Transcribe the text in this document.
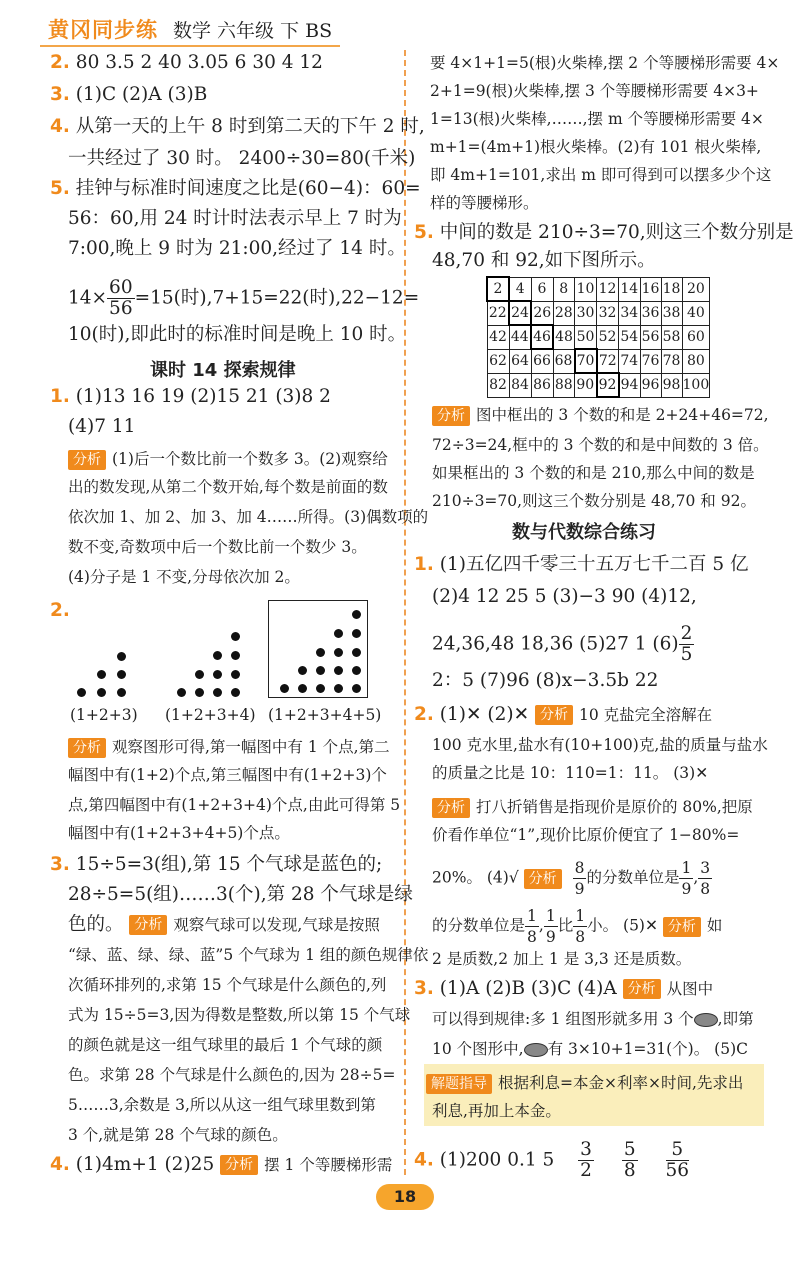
黄冈同步练 数学 六年级 下 BS
2. 80 3.5 2 40 3.05 6 30 4 12
3. (1)C (2)A (3)B
4. 从第一天的上午 8 时到第二天的下午 2 时,
一共经过了 30 时。 2400÷30=80(千米)
5. 挂钟与标准时间速度之比是(60−4)：60=
56：60,用 24 时计时法表示早上 7 时为
7:00,晚上 9 时为 21:00,经过了 14 时。
$14\times \frac{60}{56} =15$(时),7+15=22(时),22−12=
10(时),即此时的标准时间是晚上 10 时。
课时 14 探索规律
1. (1)13 16 19 (2)15 21 (3)8 2
(4)7 11
分析 (1)后一个数比前一个数多 3。(2)观察给
出的数发现,从第二个数开始,每个数是前面的数
依次加 1、加 2、加 3、加 4……所得。(3)偶数项的
数不变,奇数项中后一个数比前一个数少 3。
(4)分子是 1 不变,分母依次加 2。
2.
(1+2+3) (1+2+3+4) (1+2+3+4+5)
分析 观察图形可得,第一幅图中有 1 个点,第二
幅图中有(1+2)个点,第三幅图中有(1+2+3)个
点,第四幅图中有(1+2+3+4)个点,由此可得第 5
幅图中有(1+2+3+4+5)个点。
3. 15÷5=3(组),第 15 个气球是蓝色的;
28÷5=5(组)……3(个),第 28 个气球是绿
色的。 分析 观察气球可以发现,气球是按照
“绿、蓝、绿、绿、蓝”5 个气球为 1 组的颜色规律依
次循环排列的,求第 15 个气球是什么颜色的,列
式为 15÷5=3,因为得数是整数,所以第 15 个气球
的颜色就是这一组气球里的最后 1 个气球的颜
色。求第 28 个气球是什么颜色的,因为 28÷5=
5……3,余数是 3,所以从这一组气球里数到第
3 个,就是第 28 个气球的颜色。
4. (1)4m+1 (2)25 分析 摆 1 个等腰梯形需
要 4×1+1=5(根)火柴棒,摆 2 个等腰梯形需要 4×
2+1=9(根)火柴棒,摆 3 个等腰梯形需要 4×3+
1=13(根)火柴棒,……,摆 m 个等腰梯形需要 4×
m+1=(4m+1)根火柴棒。(2)有 101 根火柴棒,
即 4m+1=101,求出 m 即可得到可以摆多少个这
样的等腰梯形。
5. 中间的数是 210÷3=70,则这三个数分别是
48,70 和 92,如下图所示。
2	4	6	8	10	12	14	16	18	20
22	24	26	28	30	32	34	36	38	40
42	44	46	48	50	52	54	56	58	60
62	64	66	68	70	72	74	76	78	80
82	84	86	88	90	92	94	96	98	100
分析 图中框出的 3 个数的和是 2+24+46=72,
72÷3=24,框中的 3 个数的和是中间数的 3 倍。
如果框出的 3 个数的和是 210,那么中间的数是
210÷3=70,则这三个数分别是 48,70 和 92。
数与代数综合练习
1. (1)五亿四千零三十五万七千二百 5 亿
(2)4 12 25 5 (3)−3 90 (4)12,
24,36,48 18,36 (5)27 1 $(6) \frac{2}{5}$
2：5 (7)96 (8)x−3.5b 22
2. (1)✕ (2)✕ 分析 10 克盐完全溶解在
100 克水里,盐水有(10+100)克,盐的质量与盐水
的质量之比是 10：110=1：11。 (3)✕
分析 打八折销售是指现价是原价的 80%,把原
价看作单位“1”,现价比原价便宜了 1−80%=
20%。 (4)√ 分析 $\frac{8}{9}$ 的分数单位是 $\frac{1}{9}$ , $\frac{3}{8}$
的分数单位是 $\frac{1}{8}$ , $\frac{1}{9}$ 比 $\frac{1}{8}$ 小。 (5)✕ 分析 如
2 是质数,2 加上 1 是 3,3 还是质数。
3. (1)A (2)B (3)C (4)A 分析 从图中
可以得到规律:多 1 组图形就多用 3 个 ,即第
10 个图形中, 有 3×10+1=31(个)。 (5)C
解题指导 根据利息=本金×利率×时间,先求出
利息,再加上本金。
4. (1)200 0.1 $5 \frac{3}{2}$
$\frac{5}{8}$
$\frac{5}{56}$
18
